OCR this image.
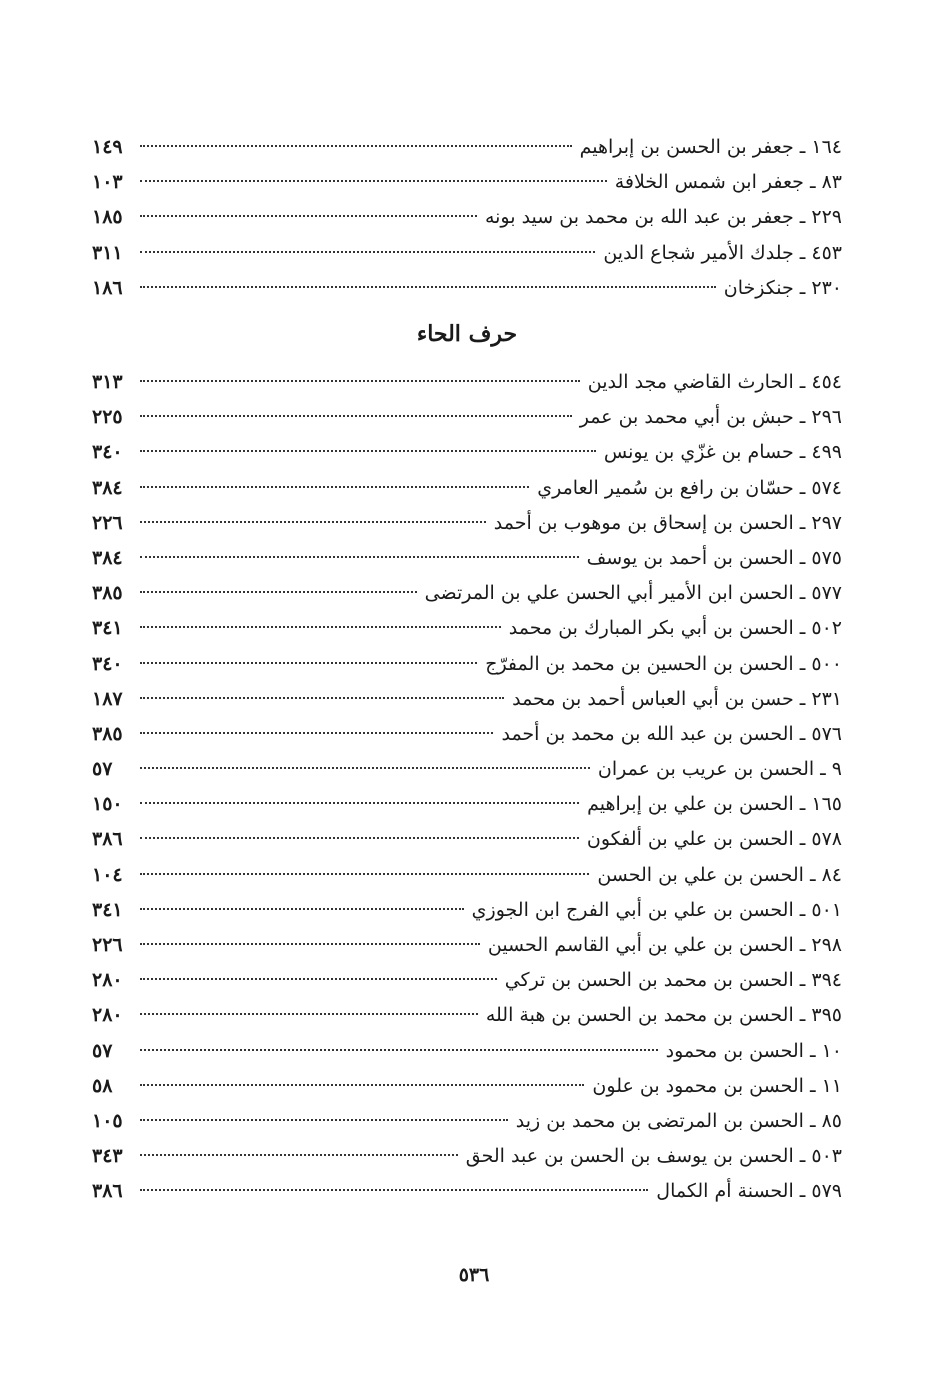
١٦٤ ـ جعفر بن الحسن بن إبراهيم
١٤٩
٨٣ ـ جعفر ابن شمس الخلافة
١٠٣
٢٢٩ ـ جعفر بن عبد الله بن محمد بن سيد بونه
١٨٥
٤٥٣ ـ جلدك الأمير شجاع الدين
٣١١
٢٣٠ ـ جنكزخان
١٨٦
حرف الحاء
٤٥٤ ـ الحارث القاضي مجد الدين
٣١٣
٢٩٦ ـ حبش بن أبي محمد بن عمر
٢٢٥
٤٩٩ ـ حسام بن غزّي بن يونس
٣٤٠
٥٧٤ ـ حسّان بن رافع بن سُمير العامري
٣٨٤
٢٩٧ ـ الحسن بن إسحاق بن موهوب بن أحمد
٢٢٦
٥٧٥ ـ الحسن بن أحمد بن يوسف
٣٨٤
٥٧٧ ـ الحسن ابن الأمير أبي الحسن علي بن المرتضى
٣٨٥
٥٠٢ ـ الحسن بن أبي بكر المبارك بن محمد
٣٤١
٥٠٠ ـ الحسن بن الحسين بن محمد بن المفرّج
٣٤٠
٢٣١ ـ حسن بن أبي العباس أحمد بن محمد
١٨٧
٥٧٦ ـ الحسن بن عبد الله بن محمد بن أحمد
٣٨٥
٩ ـ الحسن بن عريب بن عمران
٥٧
١٦٥ ـ الحسن بن علي بن إبراهيم
١٥٠
٥٧٨ ـ الحسن بن علي بن ألفكون
٣٨٦
٨٤ ـ الحسن بن علي بن الحسن
١٠٤
٥٠١ ـ الحسن بن علي بن أبي الفرج ابن الجوزي
٣٤١
٢٩٨ ـ الحسن بن علي بن أبي القاسم الحسين
٢٢٦
٣٩٤ ـ الحسن بن محمد بن الحسن بن تركي
٢٨٠
٣٩٥ ـ الحسن بن محمد بن الحسن بن هبة الله
٢٨٠
١٠ ـ الحسن بن محمود
٥٧
١١ ـ الحسن بن محمود بن علون
٥٨
٨٥ ـ الحسن بن المرتضى بن محمد بن زيد
١٠٥
٥٠٣ ـ الحسن بن يوسف بن الحسن بن عبد الحق
٣٤٣
٥٧٩ ـ الحسنة أم الكمال
٣٨٦
٥٣٦
